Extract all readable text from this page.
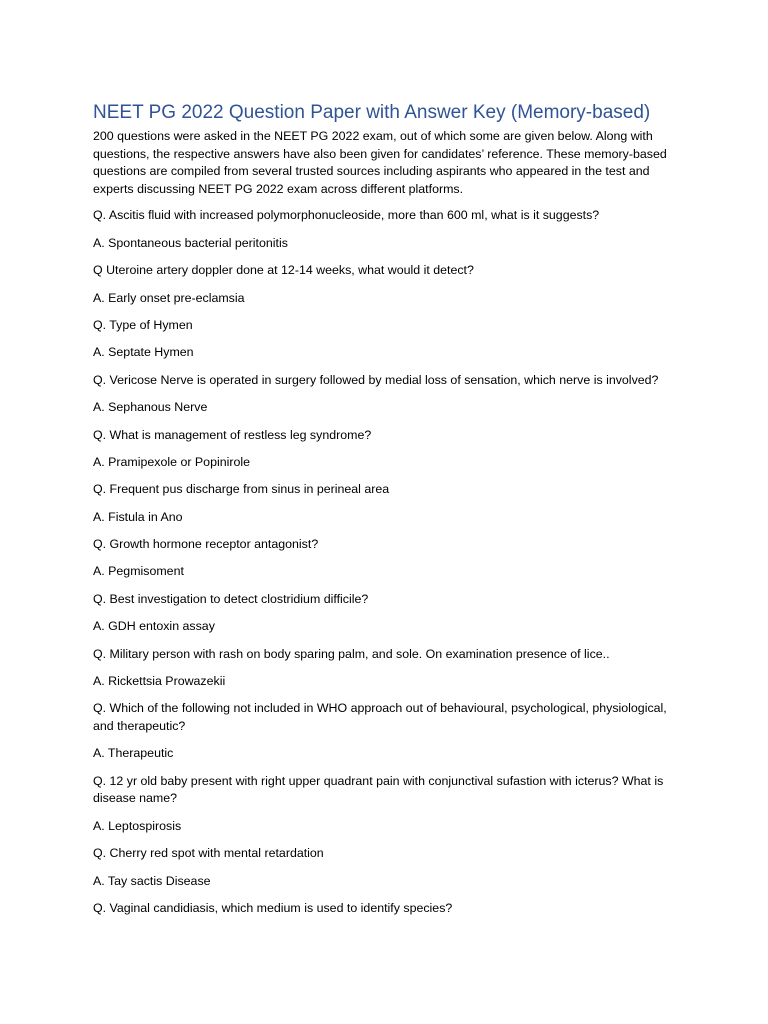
NEET PG 2022 Question Paper with Answer Key (Memory-based)

200 questions were asked in the NEET PG 2022 exam, out of which some are given below. Along with questions, the respective answers have also been given for candidates’ reference. These memory-based questions are compiled from several trusted sources including aspirants who appeared in the test and experts discussing NEET PG 2022 exam across different platforms.

Q. Ascitis fluid with increased polymorphonucleoside, more than 600 ml, what is it suggests?
A. Spontaneous bacterial peritonitis
Q Uteroine artery doppler done at 12-14 weeks, what would it detect?
A. Early onset pre-eclamsia
Q. Type of Hymen
A. Septate Hymen
Q. Vericose Nerve is operated in surgery followed by medial loss of sensation, which nerve is involved?
A. Sephanous Nerve
Q. What is management of restless leg syndrome?
A. Pramipexole or Popinirole
Q. Frequent pus discharge from sinus in perineal area
A. Fistula in Ano
Q. Growth hormone receptor antagonist?
A. Pegmisoment
Q. Best investigation to detect clostridium difficile?
A. GDH entoxin assay
Q. Military person with rash on body sparing palm, and sole. On examination presence of lice..
A. Rickettsia Prowazekii
Q. Which of the following not included in WHO approach out of behavioural, psychological, physiological, and therapeutic?
A. Therapeutic
Q. 12 yr old baby present with right upper quadrant pain with conjunctival sufastion with icterus? What is disease name?
A. Leptospirosis
Q. Cherry red spot with mental retardation
A. Tay sactis Disease
Q. Vaginal candidiasis, which medium is used to identify species?
